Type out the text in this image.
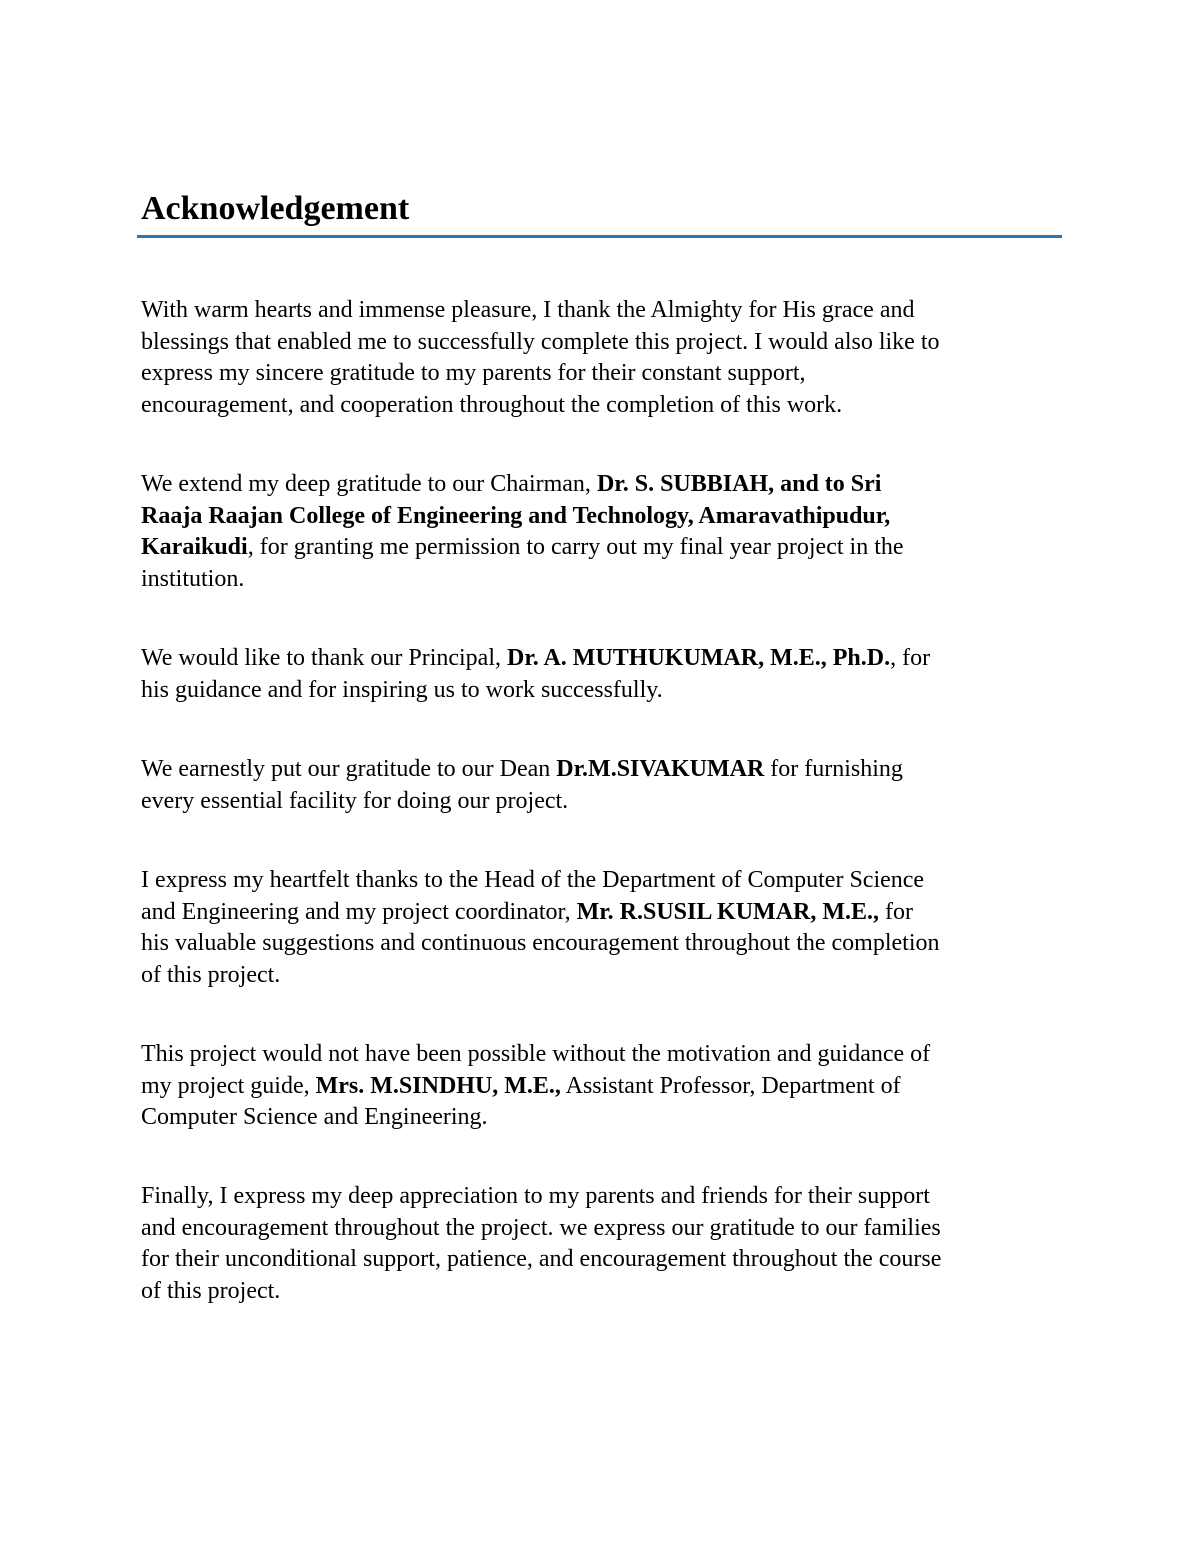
Acknowledgement

With warm hearts and immense pleasure, I thank the Almighty for His grace and
blessings that enabled me to successfully complete this project. I would also like to
express my sincere gratitude to my parents for their constant support,
encouragement, and cooperation throughout the completion of this work.

We extend my deep gratitude to our Chairman, Dr. S. SUBBIAH, and to Sri
Raaja Raajan College of Engineering and Technology, Amaravathipudur,
Karaikudi, for granting me permission to carry out my final year project in the
institution.

We would like to thank our Principal, Dr. A. MUTHUKUMAR, M.E., Ph.D., for
his guidance and for inspiring us to work successfully.

We earnestly put our gratitude to our Dean Dr.M.SIVAKUMAR for furnishing
every essential facility for doing our project.

I express my heartfelt thanks to the Head of the Department of Computer Science
and Engineering and my project coordinator, Mr. R.SUSIL KUMAR, M.E., for
his valuable suggestions and continuous encouragement throughout the completion
of this project.

This project would not have been possible without the motivation and guidance of
my project guide, Mrs. M.SINDHU, M.E., Assistant Professor, Department of
Computer Science and Engineering.

Finally, I express my deep appreciation to my parents and friends for their support
and encouragement throughout the project. we express our gratitude to our families
for their unconditional support, patience, and encouragement throughout the course
of this project.
